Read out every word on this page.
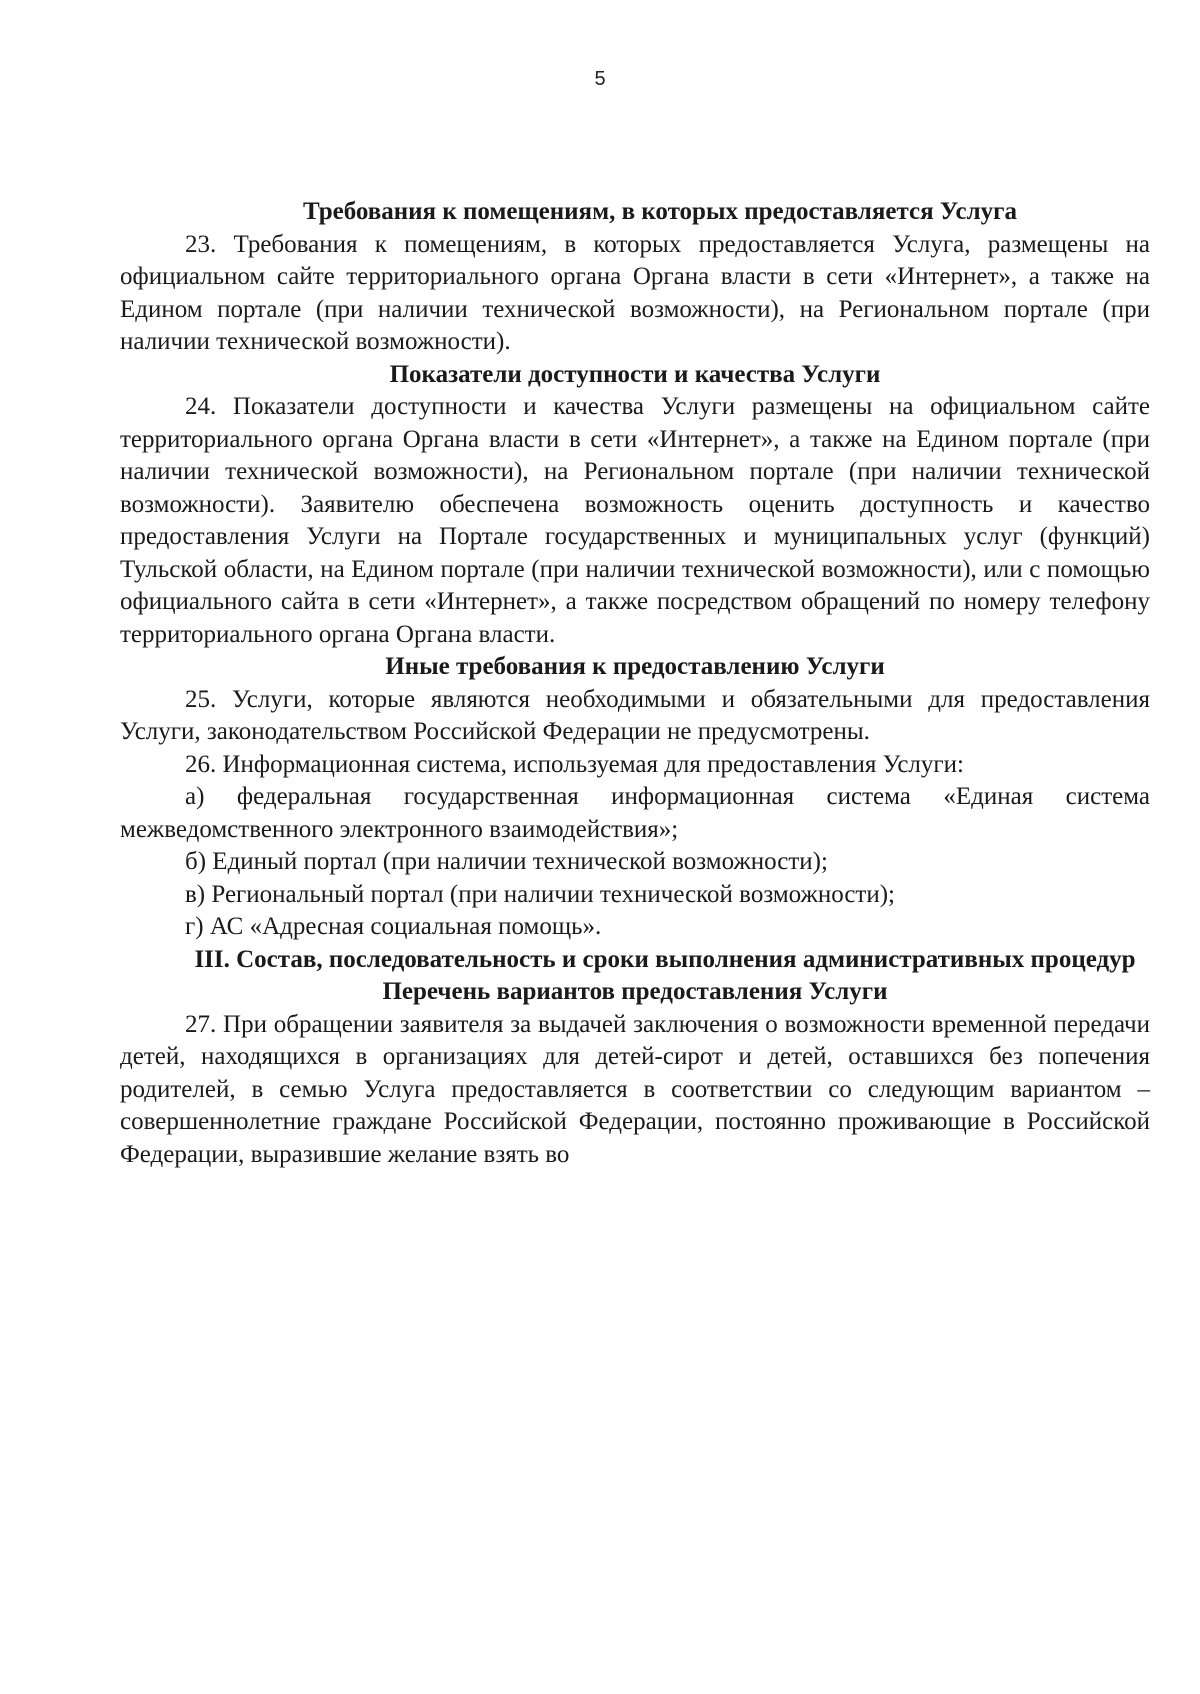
5
Требования к помещениям, в которых предоставляется Услуга

23. Требования к помещениям, в которых предоставляется Услуга, размещены на официальном сайте территориального органа Органа власти в сети «Интернет», а также на Едином портале (при наличии технической возможности), на Региональном портале (при наличии технической возможности).

Показатели доступности и качества Услуги

24. Показатели доступности и качества Услуги размещены на официальном сайте территориального органа Органа власти в сети «Интернет», а также на Едином портале (при наличии технической возможности), на Региональном портале (при наличии технической возможности). Заявителю обеспечена возможность оценить доступность и качество предоставления Услуги на Портале государственных и муниципальных услуг (функций) Тульской области, на Едином портале (при наличии технической возможности), или с помощью официального сайта в сети «Интернет», а также посредством обращений по номеру телефону территориального органа Органа власти.

Иные требования к предоставлению Услуги

25. Услуги, которые являются необходимыми и обязательными для предоставления Услуги, законодательством Российской Федерации не предусмотрены.

26. Информационная система, используемая для предоставления Услуги:

а) федеральная государственная информационная система «Единая система межведомственного электронного взаимодействия»;

б) Единый портал (при наличии технической возможности);

в) Региональный портал (при наличии технической возможности);

г) АС «Адресная социальная помощь».

III. Состав, последовательность и сроки выполнения административных процедур
Перечень вариантов предоставления Услуги

27. При обращении заявителя за выдачей заключения о возможности временной передачи детей, находящихся в организациях для детей-сирот и детей, оставшихся без попечения родителей, в семью Услуга предоставляется в соответствии со следующим вариантом – совершеннолетние граждане Российской Федерации, постоянно проживающие в Российской Федерации, выразившие желание взять во
